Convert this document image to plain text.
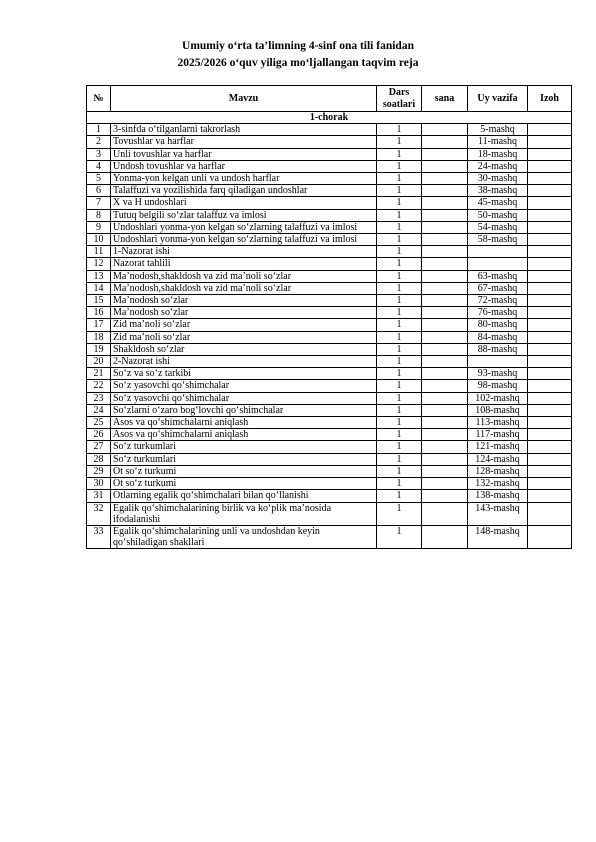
Umumiy o‘rta ta’limning 4-sinf ona tili fanidan
2025/2026 o‘quv yiliga mo‘ljallangan taqvim reja
№	Mavzu	Dars soatlari	sana	Uy vazifa	Izoh
1-chorak					
1	3-sinfda o‘tilganlarni takrorlash	1		5-mashq	
2	Tovushlar va harflar	1		11-mashq	
3	Unli tovushlar va harflar	1		18-mashq	
4	Undosh tovushlar va harflar	1		24-mashq	
5	Yonma-yon kelgan unli va undosh harflar	1		30-mashq	
6	Talaffuzi va yozilishida farq qiladigan undoshlar	1		38-mashq	
7	X va H undoshlari	1		45-mashq	
8	Tutuq belgili so‘zlar talaffuz va imlosi	1		50-mashq	
9	Undoshlari yonma-yon kelgan so‘zlarning talaffuzi va imlosi	1		54-mashq	
10	Undoshlari yonma-yon kelgan so‘zlarning talaffuzi va imlosi	1		58-mashq	
11	1-Nazorat ishi	1			
12	Nazorat tahlili	1			
13	Ma’nodosh,shakldosh va zid ma’noli so‘zlar	1		63-mashq	
14	Ma’nodosh,shakldosh va zid ma’noli so‘zlar	1		67-mashq	
15	Ma’nodosh so‘zlar	1		72-mashq	
16	Ma’nodosh so‘zlar	1		76-mashq	
17	Zid ma’noli so‘zlar	1		80-mashq	
18	Zid ma’noli so‘zlar	1		84-mashq	
19	Shakldosh so‘zlar	1		88-mashq	
20	2-Nazorat ishi	1			
21	So‘z va so‘z tarkibi	1		93-mashq	
22	So‘z yasovchi qo‘shimchalar	1		98-mashq	
23	So‘z yasovchi qo‘shimchalar	1		102-mashq	
24	So‘zlarni o‘zaro bog‘lovchi qo‘shimchalar	1		108-mashq	
25	Asos va qo‘shimchalarni aniqlash	1		113-mashq	
26	Asos va qo‘shimchalarni aniqlash	1		117-mashq	
27	So‘z turkumlari	1		121-mashq	
28	So‘z turkumlari	1		124-mashq	
29	Ot so‘z turkumi	1		128-mashq	
30	Ot so‘z turkumi	1		132-mashq	
31	Otlarning egalik qo‘shimchalari bilan qo‘llanishi	1		138-mashq	
32	Egalik qo‘shimchalarining birlik va ko‘plik ma’nosida ifodalanishi	1		143-mashq	
33	Egalik qo‘shimchalarining unli va undoshdan keyin qo‘shiladigan shakllari	1		148-mashq	
